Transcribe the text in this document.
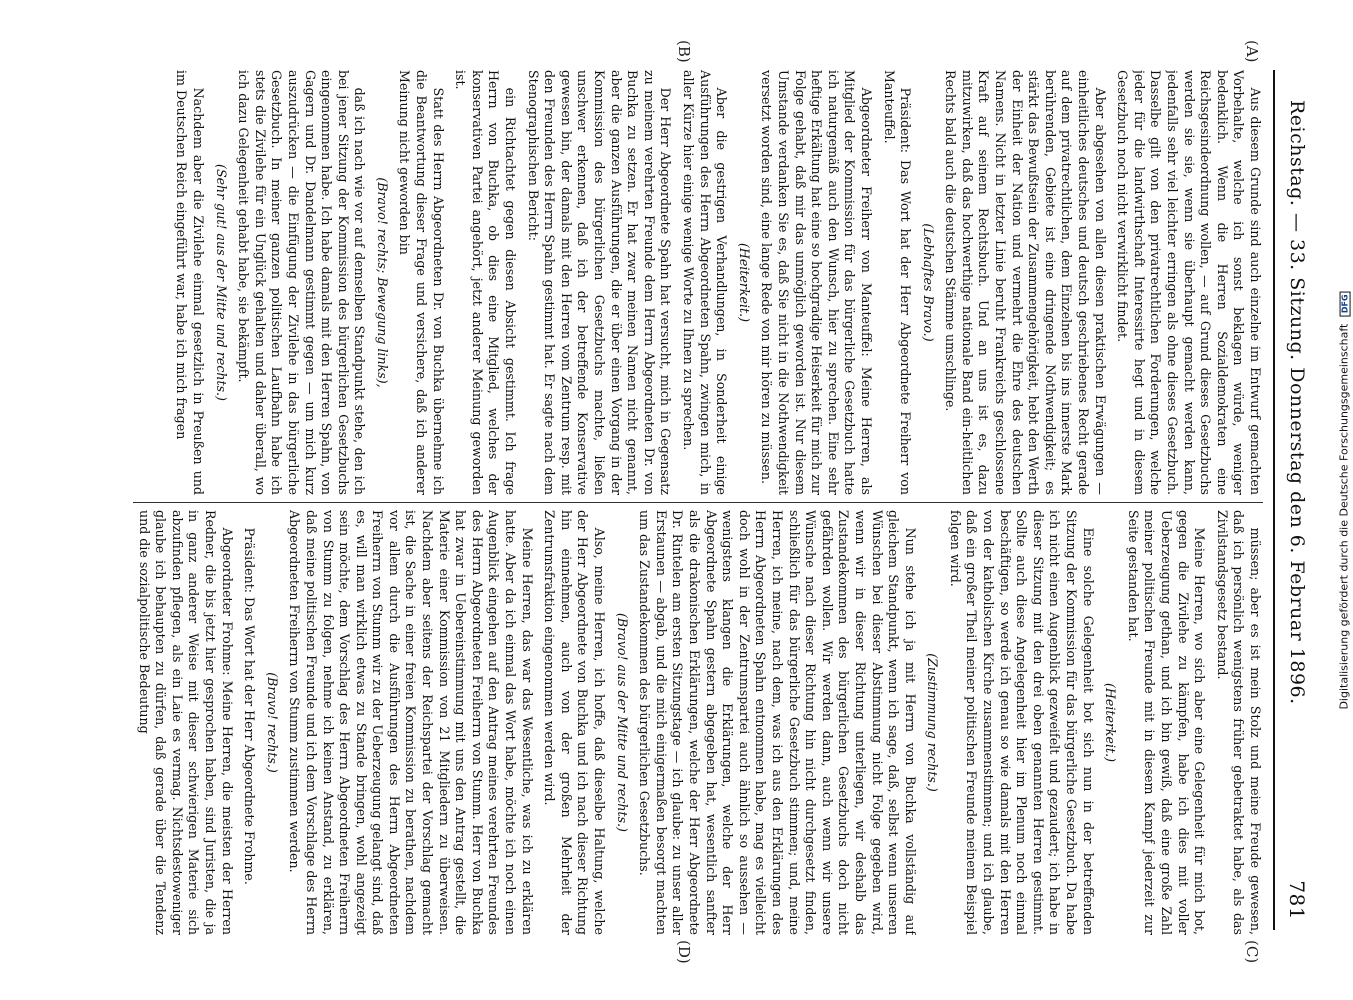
Reichstag. — 33. Sitzung. Donnerstag den 6. Februar 1896.
781
(A)
(B)
(C)
(D)

Aus diesem Grunde sind auch einzelne im Entwurf gemachten Vorbehalte, welche ich sonst beklagen würde, weniger bedenklich. Wenn die Herren Sozialdemokraten eine Reichsgesindeordnung wollen, — auf Grund dieses Gesetzbuchs werden sie sie, wenn sie überhaupt gemacht werden kann, jedenfalls sehr viel leichter erringen als ohne dieses Gesetzbuch. Dasselbe gilt von den privatrechtlichen Forderungen, welche jeder für die landwirthschaft Interessirte hegt und in diesem Gesetzbuch noch nicht verwirklicht findet.

Aber abgesehen von allen diesen praktischen Erwägungen — einheitliches deutsches und deutsch geschriebenes Recht gerade auf dem privatrechtlichen, dem Einzelnen bis ins innerste Mark berührenden, Gebiete ist eine dringende Nothwendigkeit; es stärkt das Bewußtsein der Zusammengehörigkeit, hebt den Werth der Einheit der Nation und vermehrt die Ehre des deutschen Namens. Nicht in letzter Linie beruht Frankreichs geschlossene Kraft auf seinem Rechtsbuch. Und an uns ist es, dazu mitzuwirken, daß das hochwerthige nationale Band ein-heitlichen Rechts bald auch die deutschen Stämme umschlinge.

(Lebhaftes Bravo.)

Präsident: Das Wort hat der Herr Abgeordnete Freiherr von Manteuffel.

Abgeordneter Freiherr von Manteuffel: Meine Herren, als Mitglied der Kommission für das bürgerliche Gesetzbuch hatte ich naturgemäß auch den Wunsch, hier zu sprechen. Eine sehr heftige Erkältung hat eine so hochgradige Heiserkeit für mich zur Folge gehabt, daß mir das unmöglich geworden ist. Nur diesem Umstande verdanken Sie es, daß Sie nicht in die Nothwendigkeit versetzt worden sind, eine lange Rede von mir hören zu müssen.

(Heiterkeit.)

Aber die gestrigen Verhandlungen, in Sonderheit einige Ausführungen des Herrn Abgeordneten Spahn, zwingen mich, in aller Kürze hier einige wenige Worte zu Ihnen zu sprechen.

Der Herr Abgeordnete Spahn hat versucht, mich in Gegensatz zu meinem verehrten Freunde dem Herrn Abgeordneten Dr. von Buchka zu setzen. Er hat zwar meinen Namen nicht genannt, aber die ganzen Ausführungen, die er über einen Vorgang in der Kommission des bürgerlichen Gesetzbuchs machte, ließen unschwer erkennen, daß ich der betreffende Konservative gewesen bin, der damals mit den Herren vom Zentrum resp. mit den Freunden des Herrn Spahn gestimmt hat. Er sagte nach dem Stenographischen Bericht:

ein Richtachtet gegen diesen Absicht gestimmt. Ich frage Herrn von Buchka, ob dies eine Mitglied, welches der konservativen Partei angehört, jetzt anderer Meinung geworden ist.

Statt des Herrn Abgeordneten Dr. von Buchka übernehme ich die Beantwortung dieser Frage und versichere, daß ich anderer Meinung nicht geworden bin

(Bravo! rechts; Bewegung links),

daß ich nach wie vor auf demselben Standpunkt stehe, den ich bei jener Sitzung der Kommission des bürgerlichen Gesetzbuchs eingenommen habe. Ich habe damals mit den Herren Spahn, von Gagern und Dr. Dandelmann gestimmt gegen — um mich kurz auszudrücken — die Einfügung der Zivilehe in das bürgerliche Gesetzbuch. In meiner ganzen politischen Laufbahn habe ich stets die Zivilehe für ein Unglück gehalten und daher überall, wo ich dazu Gelegenheit gehabt habe, sie bekämpft.

(Sehr gut! aus der Mitte und rechts.)

Nachdem aber die Zivilehe einmal gesetzlich in Preußen und im Deutschen Reich eingeführt war, habe ich mich fragen

müssen; aber es ist mein Stolz und meine Freude gewesen, daß ich persönlich wenigstens früher gebetraktet habe, als das Zivilstandsgesetz bestand.

Meine Herren, wo sich aber eine Gelegenheit für mich bot, gegen die Zivilehe zu kämpfen, habe ich dies mit voller Ueberzeugung gethan, und ich bin gewiß, daß eine große Zahl meiner politischen Freunde mit in diesem Kampf jederzeit zur Seite gestanden hat.

(Heiterkeit.)

Eine solche Gelegenheit bot sich nun in der betreffenden Sitzung der Kommission für das bürgerliche Gesetzbuch. Da habe ich nicht einen Augenblick gezweifelt und gezaudert; ich habe in dieser Sitzung mit den drei oben genannten Herren gestimmt. Sollte auch diese Angelegenheit hier im Plenum noch einmal beschäftigen, so werde ich genau so wie damals mit den Herren von der katholischen Kirche zusammenstimmen; und ich glaube, daß ein großer Theil meiner politischen Freunde meinem Beispiel folgen wird.

(Zustimmung rechts.)

Nun stehe ich ja mit Herrn von Buchka vollständig auf gleichem Standpunkt, wenn ich sage, daß, selbst wenn unseren Wünschen bei dieser Abstimmung nicht Folge gegeben wird, wenn wir in dieser Richtung unterliegen, wir deshalb das Zustandekommen des bürgerlichen Gesetzbuchs doch nicht gefährden wollen. Wir werden dann, auch wenn wir unsere Wünsche nach dieser Richtung hin nicht durchgesetzt finden, schließlich für das bürgerliche Gesetzbuch stimmen; und, meine Herren, ich meine, nach dem, was ich aus den Erklärungen des Herrn Abgeordneten Spahn entnommen habe, mag es vielleicht doch wohl in der Zentrumspartei auch ähnlich so aussehen — wenigstens klangen die Erklärungen, welche der Herr Abgeordnete Spahn gestern abgegeben hat, wesentlich sanfter als die drakonischen Erklärungen, welche der Herr Abgeordnete Dr. Rintelen am ersten Sitzungstage — ich glaube: zu unser aller Erstaunen — abgab, und die mich einigermaßen besorgt machten um das Zustandekommen des bürgerlichen Gesetzbuchs.

(Bravo! aus der Mitte und rechts.)

Also, meine Herren, ich hoffe, daß dieselbe Haltung, welche der Herr Abgeordnete von Buchka und ich nach dieser Richtung hin einnehmen, auch von der großen Mehrheit der Zentrumsfraktion eingenommen werden wird.

Meine Herren, das war das Wesentliche, was ich zu erklären hatte. Aber da ich einmal das Wort habe, möchte ich noch einen Augenblick eingehen auf den Antrag meines verehrten Freundes des Herrn Abgeordneten Freiherrn von Stumm. Herr von Buchka hat zwar in Uebereinstimmung mit uns den Antrag gestellt, die Materie einer Kommission von 21 Mitgliedern zu überweisen. Nachdem aber seitens der Reichspartei der Vorschlag gemacht ist, die Sache in einer freien Kommission zu berathen, nachdem vor allem durch die Ausführungen des Herrn Abgeordneten Freiherrn von Stumm wir zu der Ueberzeugung gelangt sind, daß es, will man wirklich etwas zu Stande bringen, wohl angezeigt sein möchte, dem Vorschlag des Herrn Abgeordneten Freiherrn von Stumm zu folgen, nehme ich keinen Anstand, zu erklären, daß meine politischen Freunde und ich dem Vorschlage des Herrn Abgeordneten Freiherrn von Stumm zustimmen werden.

(Bravo! rechts.)

Präsident: Das Wort hat der Herr Abgeordnete Frohme.

Abgeordneter Frohme: Meine Herren, die meisten der Herren Redner, die bis jetzt hier gesprochen haben, sind Juristen, die ja in ganz anderer Weise mit dieser schwierigen Materie sich abzufinden pflegen, als ein Laie es vermag. Nichtsdestoweniger glaube ich behaupten zu dürfen, daß gerade über die Tendenz und die sozialpolitische Bedeutung	Digitalisierung gefördert durch die Deutsche Forschungsgemeinschaft DFG
